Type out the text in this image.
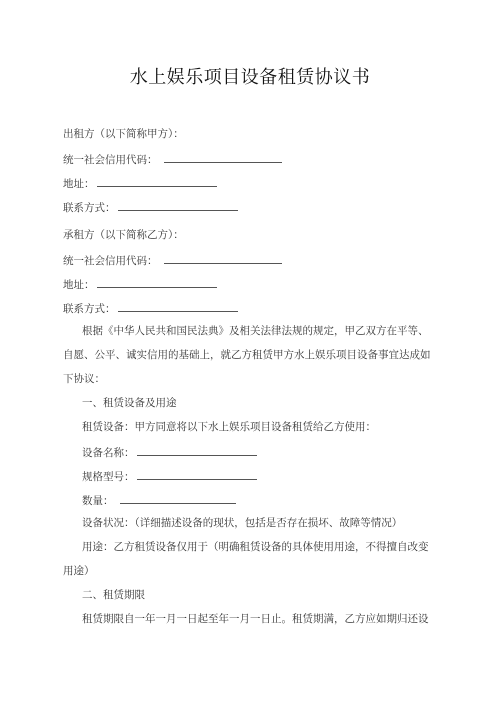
水上娱乐项目设备租赁协议书
出租方（以下简称甲方）：
统一社会信用代码：
地址：
联系方式：
承租方（以下简称乙方）：
统一社会信用代码：
地址：
联系方式：
根据《中华人民共和国民法典》及相关法律法规的规定，甲乙双方在平等、
自愿、公平、诚实信用的基础上，就乙方租赁甲方水上娱乐项目设备事宜达成如
下协议：
一、租赁设备及用途
租赁设备：甲方同意将以下水上娱乐项目设备租赁给乙方使用：
设备名称：
规格型号：
数量：
设备状况：（详细描述设备的现状，包括是否存在损坏、故障等情况）
用途：乙方租赁设备仅用于（明确租赁设备的具体使用用途，不得擅自改变
用途）
二、租赁期限
租赁期限自一年一月一日起至年一月一日止。租赁期满，乙方应如期归还设
